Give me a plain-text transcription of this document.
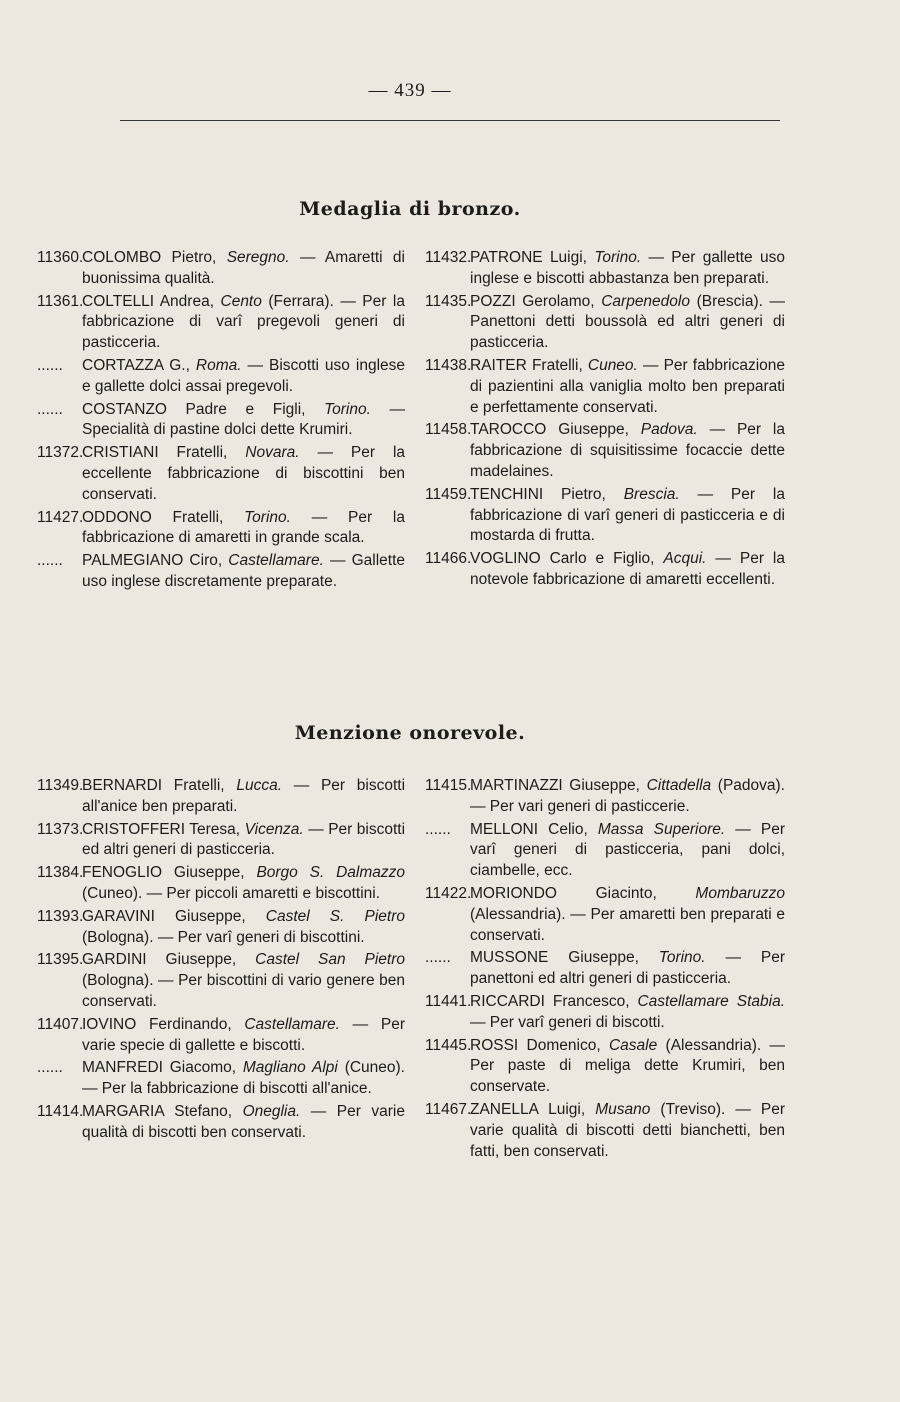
— 439 —
Medaglia di bronzo.
11360.
COLOMBO Pietro, Seregno. — Amaretti di buonissima qualità.
11361.
COLTELLI Andrea, Cento (Ferrara). — Per la fabbricazione di varî pregevoli generi di pasticceria.
...... CORTAZZA G., Roma. — Biscotti uso inglese e gallette dolci assai pregevoli.
...... COSTANZO Padre e Figli, Torino. — Specialità di pastine dolci dette Krumiri.
11372.
CRISTIANI Fratelli, Novara. — Per la eccellente fabbricazione di biscottini ben conservati.
11427.
ODDONO Fratelli, Torino. — Per la fabbricazione di amaretti in grande scala.
...... PALMEGIANO Ciro, Castellamare. — Gallette uso inglese discretamente preparate.
11432.
PATRONE Luigi, Torino. — Per gallette uso inglese e biscotti abbastanza ben preparati.
11435.
POZZI Gerolamo, Carpenedolo (Brescia). — Panettoni detti boussolà ed altri generi di pasticceria.
11438.
RAITER Fratelli, Cuneo. — Per fabbricazione di pazientini alla vaniglia molto ben preparati e perfettamente conservati.
11458.
TAROCCO Giuseppe, Padova. — Per la fabbricazione di squisitissime focaccie dette madelaines.
11459.
TENCHINI Pietro, Brescia. — Per la fabbricazione di varî generi di pasticceria e di mostarda di frutta.
11466.
VOGLINO Carlo e Figlio, Acqui. — Per la notevole fabbricazione di amaretti eccellenti.
Menzione onorevole.
11349.
BERNARDI Fratelli, Lucca. — Per biscotti all'anice ben preparati.
11373.
CRISTOFFERI Teresa, Vicenza. — Per biscotti ed altri generi di pasticceria.
11384.
FENOGLIO Giuseppe, Borgo S. Dalmazzo (Cuneo). — Per piccoli amaretti e biscottini.
11393.
GARAVINI Giuseppe, Castel S. Pietro (Bologna). — Per varî generi di biscottini.
11395.
GARDINI Giuseppe, Castel San Pietro (Bologna). — Per biscottini di vario genere ben conservati.
11407.
IOVINO Ferdinando, Castellamare. — Per varie specie di gallette e biscotti.
...... MANFREDI Giacomo, Magliano Alpi (Cuneo). — Per la fabbricazione di biscotti all'anice.
11414.
MARGARIA Stefano, Oneglia. — Per varie qualità di biscotti ben conservati.
11415.
MARTINAZZI Giuseppe, Cittadella (Padova). — Per vari generi di pasticcerie.
...... MELLONI Celio, Massa Superiore. — Per varî generi di pasticceria, pani dolci, ciambelle, ecc.
11422.
MORIONDO Giacinto, Mombaruzzo (Alessandria). — Per amaretti ben preparati e conservati.
...... MUSSONE Giuseppe, Torino. — Per panettoni ed altri generi di pasticceria.
11441.
RICCARDI Francesco, Castellamare Stabia. — Per varî generi di biscotti.
11445.
ROSSI Domenico, Casale (Alessandria). — Per paste di meliga dette Krumiri, ben conservate.
11467.
ZANELLA Luigi, Musano (Treviso). — Per varie qualità di biscotti detti bianchetti, ben fatti, ben conservati.
